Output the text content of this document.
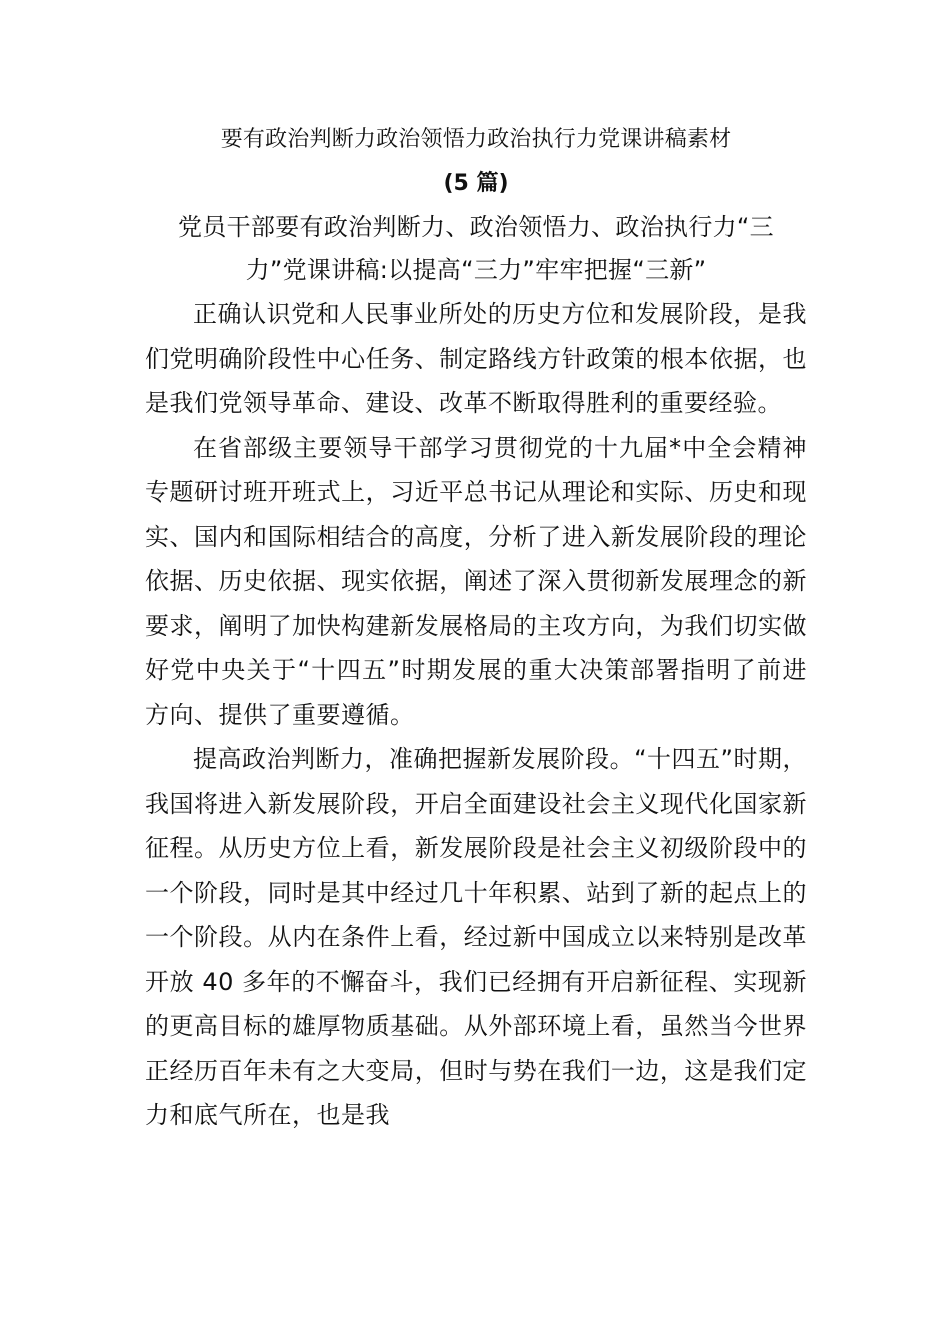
要有政治判断力政治领悟力政治执行力党课讲稿素材
(5 篇)
党员干部要有政治判断力、政治领悟力、政治执行力“三
力”党课讲稿:以提高“三力”牢牢把握“三新”

正确认识党和人民事业所处的历史方位和发展阶段，是我们党明确阶段性中心任务、制定路线方针政策的根本依据，也是我们党领导革命、建设、改革不断取得胜利的重要经验。

在省部级主要领导干部学习贯彻党的十九届*中全会精神专题研讨班开班式上，习近平总书记从理论和实际、历史和现实、国内和国际相结合的高度，分析了进入新发展阶段的理论依据、历史依据、现实依据，阐述了深入贯彻新发展理念的新要求，阐明了加快构建新发展格局的主攻方向，为我们切实做好党中央关于“十四五”时期发展的重大决策部署指明了前进方向、提供了重要遵循。

提高政治判断力，准确把握新发展阶段。“十四五”时期，我国将进入新发展阶段，开启全面建设社会主义现代化国家新征程。从历史方位上看，新发展阶段是社会主义初级阶段中的一个阶段，同时是其中经过几十年积累、站到了新的起点上的一个阶段。从内在条件上看，经过新中国成立以来特别是改革开放 40 多年的不懈奋斗，我们已经拥有开启新征程、实现新的更高目标的雄厚物质基础。从外部环境上看，虽然当今世界正经历百年未有之大变局，但时与势在我们一边，这是我们定力和底气所在，也是我
